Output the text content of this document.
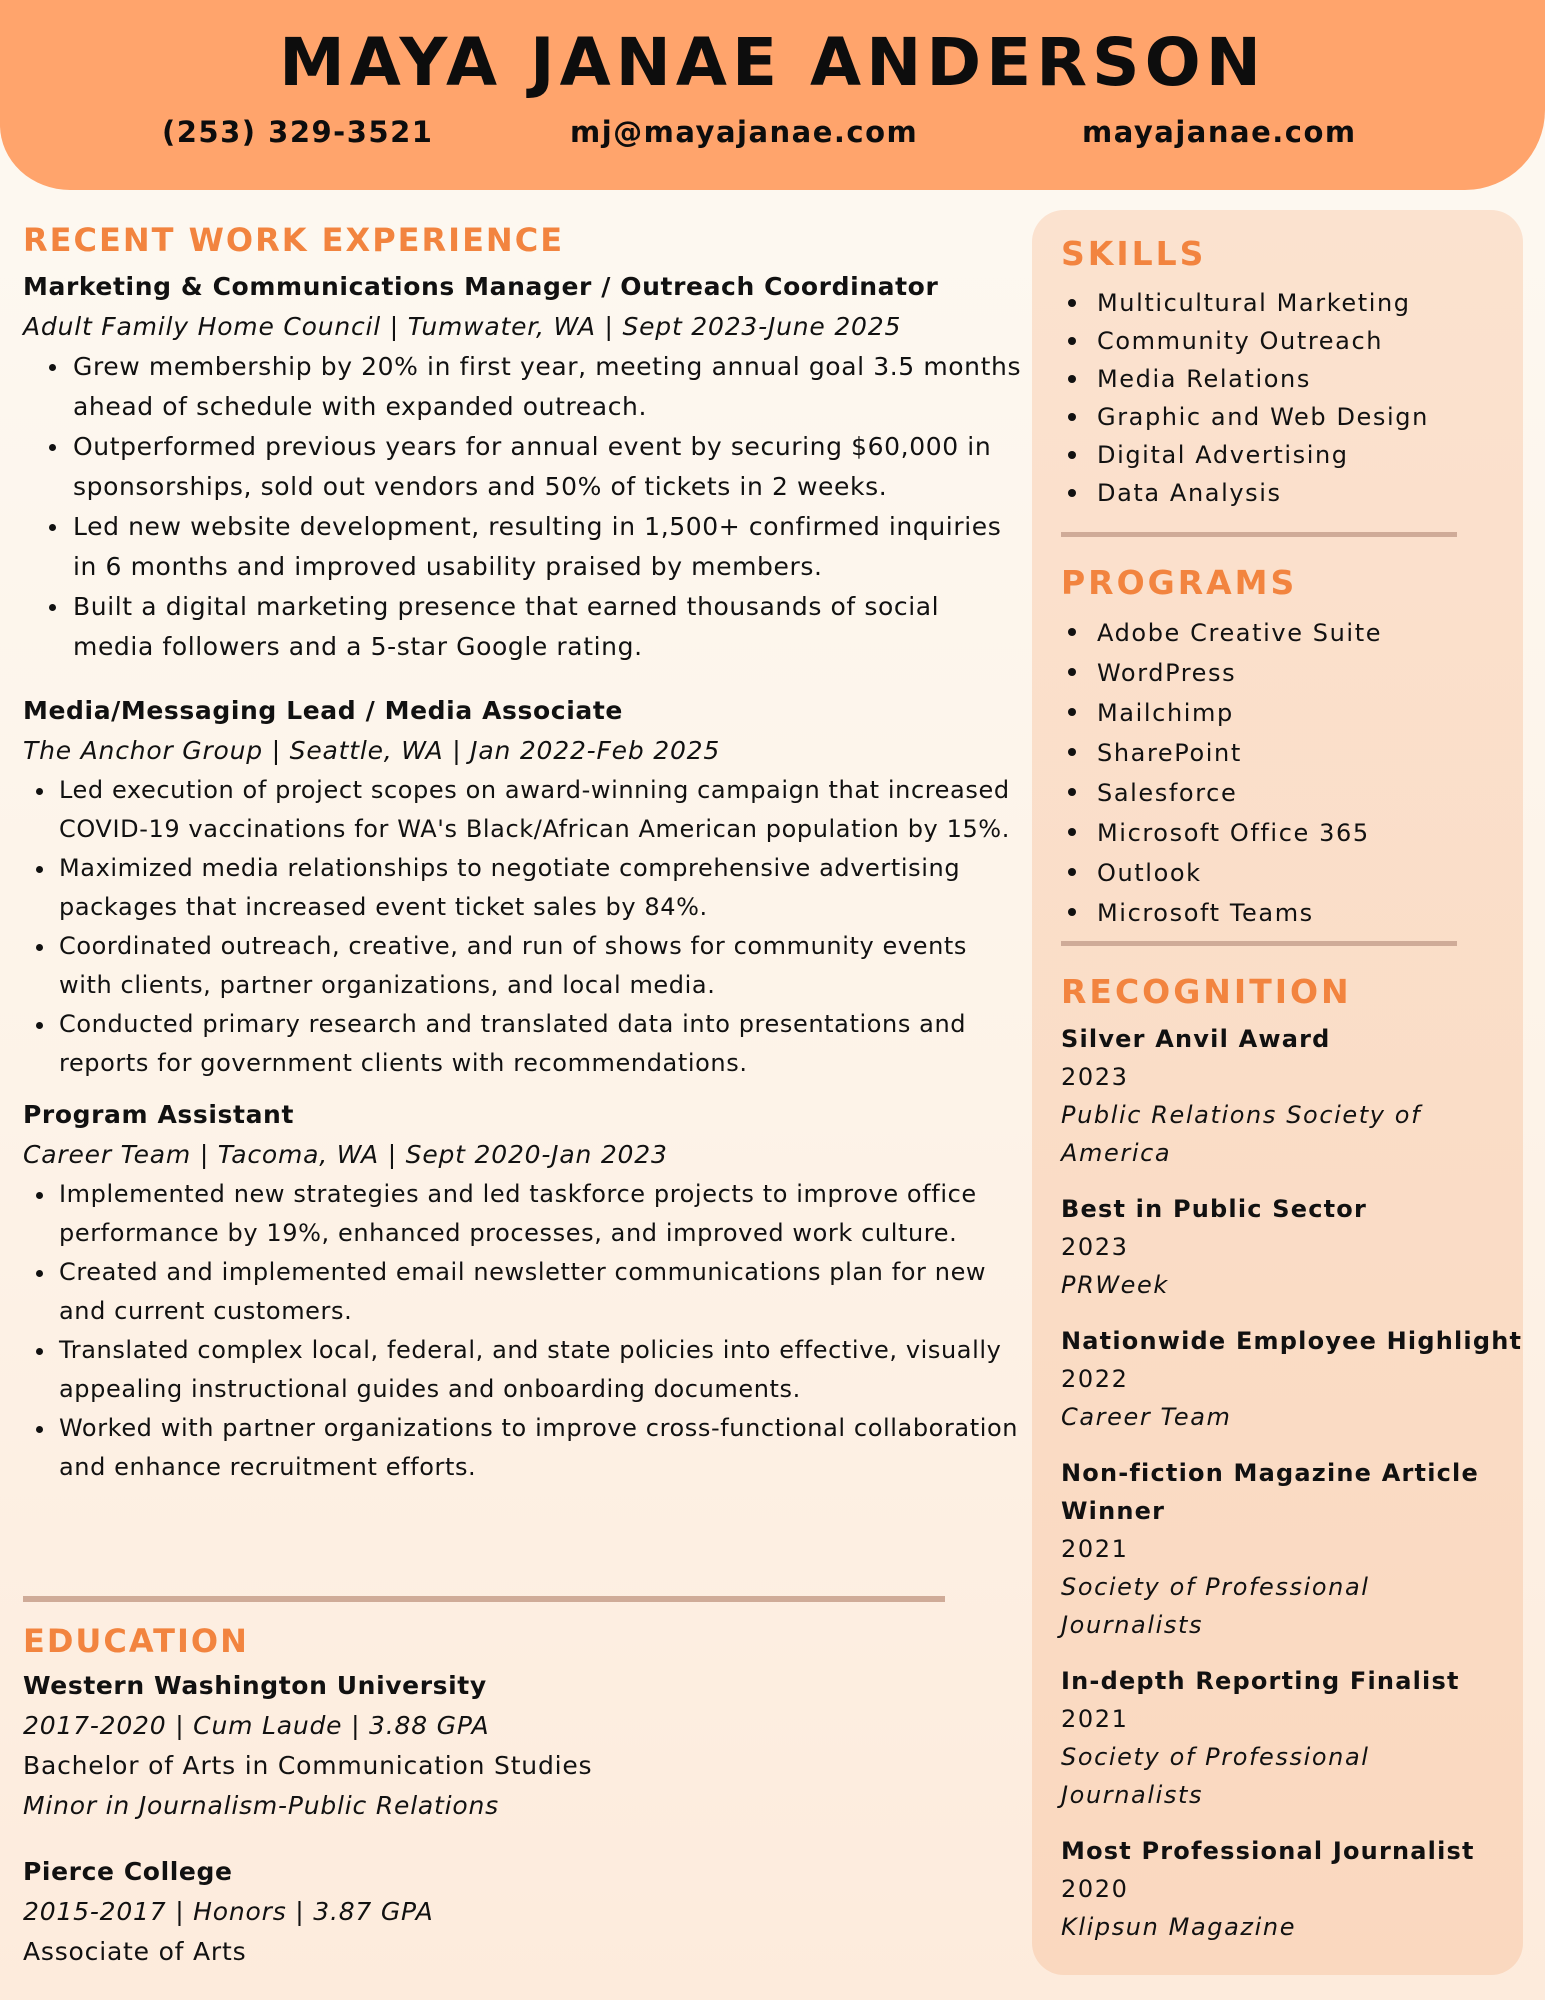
MAYA JANAE ANDERSON
(253) 329-3521	mj@mayajanae.com	mayajanae.com
RECENT WORK EXPERIENCE
Marketing & Communications Manager / Outreach Coordinator
Adult Family Home Council | Tumwater, WA | Sept 2023-June 2025
Grew membership by 20% in first year, meeting annual goal 3.5 months ahead of schedule with expanded outreach.
Outperformed previous years for annual event by securing $60,000 in sponsorships, sold out vendors and 50% of tickets in 2 weeks.
Led new website development, resulting in 1,500+ confirmed inquiries in 6 months and improved usability praised by members.
Built a digital marketing presence that earned thousands of social media followers and a 5-star Google rating.
Media/Messaging Lead / Media Associate
The Anchor Group | Seattle, WA | Jan 2022-Feb 2025
Led execution of project scopes on award-winning campaign that increased COVID-19 vaccinations for WA's Black/African American population by 15%.
Maximized media relationships to negotiate comprehensive advertising packages that increased event ticket sales by 84%.
Coordinated outreach, creative, and run of shows for community events with clients, partner organizations, and local media.
Conducted primary research and translated data into presentations and reports for government clients with recommendations.
Program Assistant
Career Team | Tacoma, WA | Sept 2020-Jan 2023
Implemented new strategies and led taskforce projects to improve office performance by 19%, enhanced processes, and improved work culture.
Created and implemented email newsletter communications plan for new and current customers.
Translated complex local, federal, and state policies into effective, visually appealing instructional guides and onboarding documents.
Worked with partner organizations to improve cross-functional collaboration and enhance recruitment efforts.
EDUCATION
Western Washington University
2017-2020 | Cum Laude | 3.88 GPA
Bachelor of Arts in Communication Studies
Minor in Journalism-Public Relations
Pierce College
2015-2017 | Honors | 3.87 GPA
Associate of Arts
SKILLS
Multicultural Marketing
Community Outreach
Media Relations
Graphic and Web Design
Digital Advertising
Data Analysis
PROGRAMS
Adobe Creative Suite
WordPress
Mailchimp
SharePoint
Salesforce
Microsoft Office 365
Outlook
Microsoft Teams
RECOGNITION
Silver Anvil Award
2023
Public Relations Society of America
Best in Public Sector
2023
PRWeek
Nationwide Employee Highlight
2022
Career Team
Non-fiction Magazine Article Winner
2021
Society of Professional Journalists
In-depth Reporting Finalist
2021
Society of Professional Journalists
Most Professional Journalist
2020
Klipsun Magazine
